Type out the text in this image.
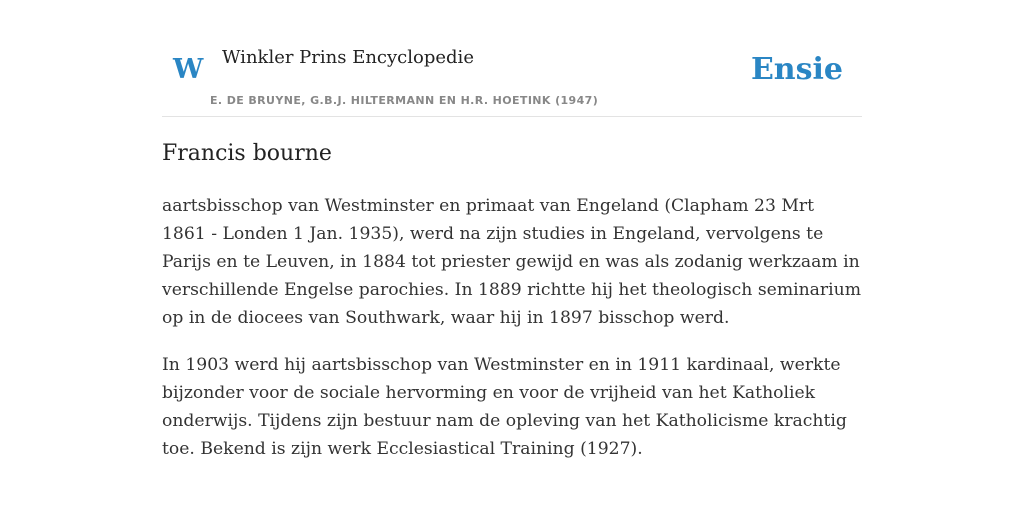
W Winkler Prins Encyclopedie
E. DE BRUYNE, G.B.J. HILTERMANN EN H.R. HOETINK (1947)
Ensie
Francis bourne

aartsbisschop van Westminster en primaat van Engeland (Clapham 23 Mrt 1861 - Londen 1 Jan. 1935), werd na zijn studies in Engeland, vervolgens te Parijs en te Leuven, in 1884 tot priester gewijd en was als zodanig werkzaam in verschillende Engelse parochies. In 1889 richtte hij het theologisch seminarium op in de diocees van Southwark, waar hij in 1897 bisschop werd.

In 1903 werd hij aartsbisschop van Westminster en in 1911 kardinaal, werkte bijzonder voor de sociale hervorming en voor de vrijheid van het Katholiek onderwijs. Tijdens zijn bestuur nam de opleving van het Katholicisme krachtig toe. Bekend is zijn werk Ecclesiastical Training (1927).
